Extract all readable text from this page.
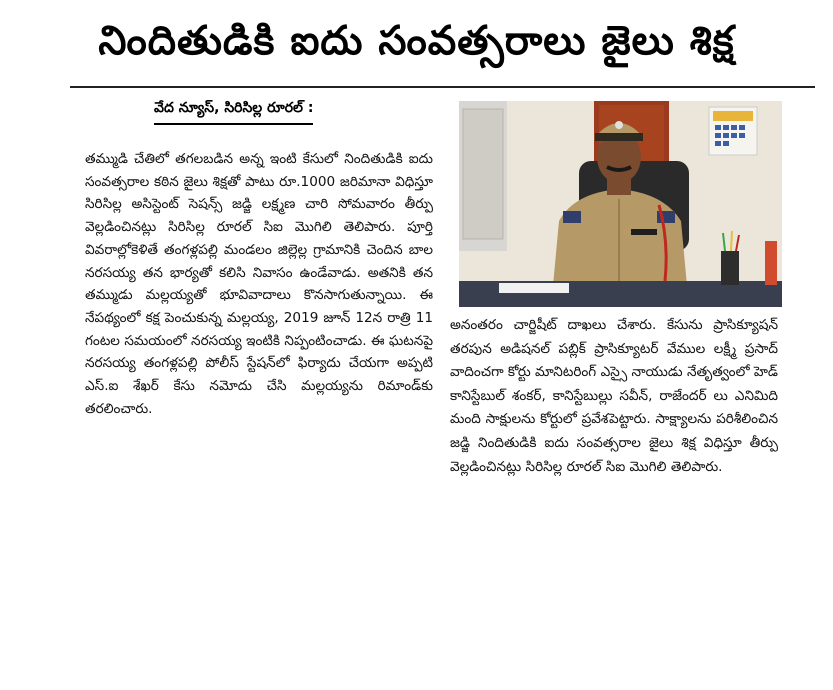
నిందితుడికి ఐదు సంవత్సరాలు జైలు శిక్ష
వేద న్యూస్, సిరిసిల్ల రూరల్ :

తమ్ముడి చేతిలో తగలబడిన అన్న ఇంటి కేసులో నిందితుడికి ఐదు సంవత్సరాల కఠిన జైలు శిక్షతో పాటు రూ.1000 జరిమానా విధిస్తూ సిరిసిల్ల అసిస్టెంట్ సెషన్స్ జడ్జి లక్ష్మణ చారి సోమవారం తీర్పు వెల్లడించినట్లు సిరిసిల్ల రూరల్ సిఐ మొగిలి తెలిపారు. పూర్తి వివరాల్లోకెళితే తంగళ్లపల్లి మండలం జిల్లెల్ల గ్రామానికి చెందిన బాల నరసయ్య తన భార్యతో కలిసి నివాసం ఉండేవాడు. అతనికి తన తమ్ముడు మల్లయ్యతో భూవివాదాలు కొనసాగుతున్నాయి. ఈ నేపథ్యంలో కక్ష పెంచుకున్న మల్లయ్య, 2019 జూన్ 12న రాత్రి 11 గంటల సమయంలో నరసయ్య ఇంటికి నిప్పంటించాడు. ఈ ఘటనపై నరసయ్య తంగళ్లపల్లి పోలీస్ స్టేషన్‌లో ఫిర్యాదు చేయగా అప్పటి ఎస్.ఐ శేఖర్ కేసు నమోదు చేసి మల్లయ్యను రిమాండ్‌కు తరలించారు.

అనంతరం చార్జిషీట్ దాఖలు చేశారు. కేసును ప్రాసిక్యూషన్ తరపున అడిషనల్ పబ్లిక్ ప్రాసిక్యూటర్ వేముల లక్ష్మీ ప్రసాద్ వాదించగా కోర్టు మానిటరింగ్ ఎస్సై నాయుడు నేతృత్వంలో హెడ్ కానిస్టేబుల్ శంకర్, కానిస్టేబుల్లు సవీన్, రాజేందర్ లు ఎనిమిది మంది సాక్షులను కోర్టులో ప్రవేశపెట్టారు. సాక్ష్యాలను పరిశీలించిన జడ్జి నిందితుడికి ఐదు సంవత్సరాల జైలు శిక్ష విధిస్తూ తీర్పు వెల్లడించినట్లు సిరిసిల్ల రూరల్ సిఐ మొగిలి తెలిపారు.
